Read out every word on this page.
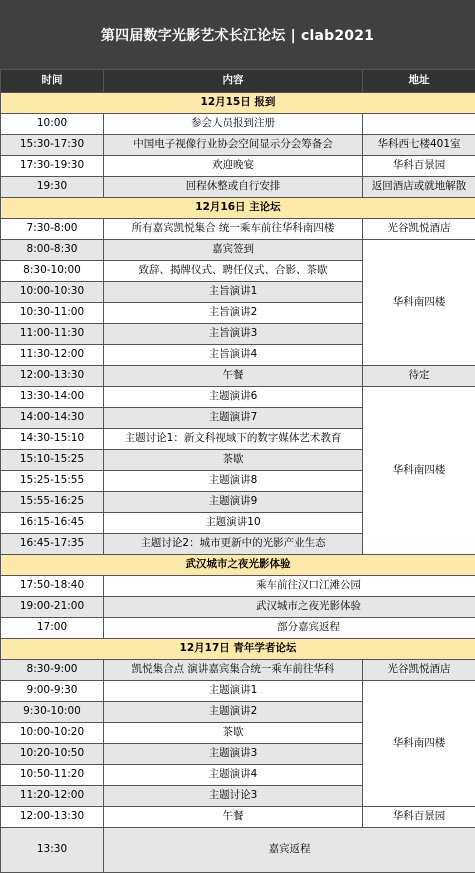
第四届数字光影艺术长江论坛 | clab2021
时间	内容	地址
12月15日 报到		
10:00	参会人员报到注册	
15:30-17:30	中国电子视像行业协会空间显示分会筹备会	华科西七楼401室
17:30-19:30	欢迎晚宴	华科百景园
19:30	回程休整或自行安排	返回酒店或就地解散
12月16日 主论坛		
7:30-8:00	所有嘉宾凯悦集合 统一乘车前往华科南四楼	光谷凯悦酒店
8:00-8:30	嘉宾签到	华科南四楼
8:30-10:00	致辞、揭牌仪式、聘任仪式、合影、茶歇	
10:00-10:30	主旨演讲1	
10:30-11:00	主旨演讲2	
11:00-11:30	主旨演讲3	
11:30-12:00	主旨演讲4	
12:00-13:30	午餐	待定
13:30-14:00	主题演讲6	华科南四楼
14:00-14:30	主题演讲7	
14:30-15:10	主题讨论1：新文科视域下的数字媒体艺术教育	
15:10-15:25	茶歇	
15:25-15:55	主题演讲8	
15:55-16:25	主题演讲9	
16:15-16:45	主题演讲10	
16:45-17:35	主题讨论2：城市更新中的光影产业生态	
武汉城市之夜光影体验		
17:50-18:40	乘车前往汉口江滩公园	
19:00-21:00	武汉城市之夜光影体验	
17:00	部分嘉宾返程	
12月17日 青年学者论坛		
8:30-9:00	凯悦集合点 演讲嘉宾集合统一乘车前往华科	光谷凯悦酒店
9:00-9:30	主题演讲1	华科南四楼
9:30-10:00	主题演讲2	
10:00-10:20	茶歇	
10:20-10:50	主题演讲3	
10:50-11:20	主题演讲4	
11:20-12:00	主题讨论3	
12:00-13:30	午餐	华科百景园
13:30	嘉宾返程	
